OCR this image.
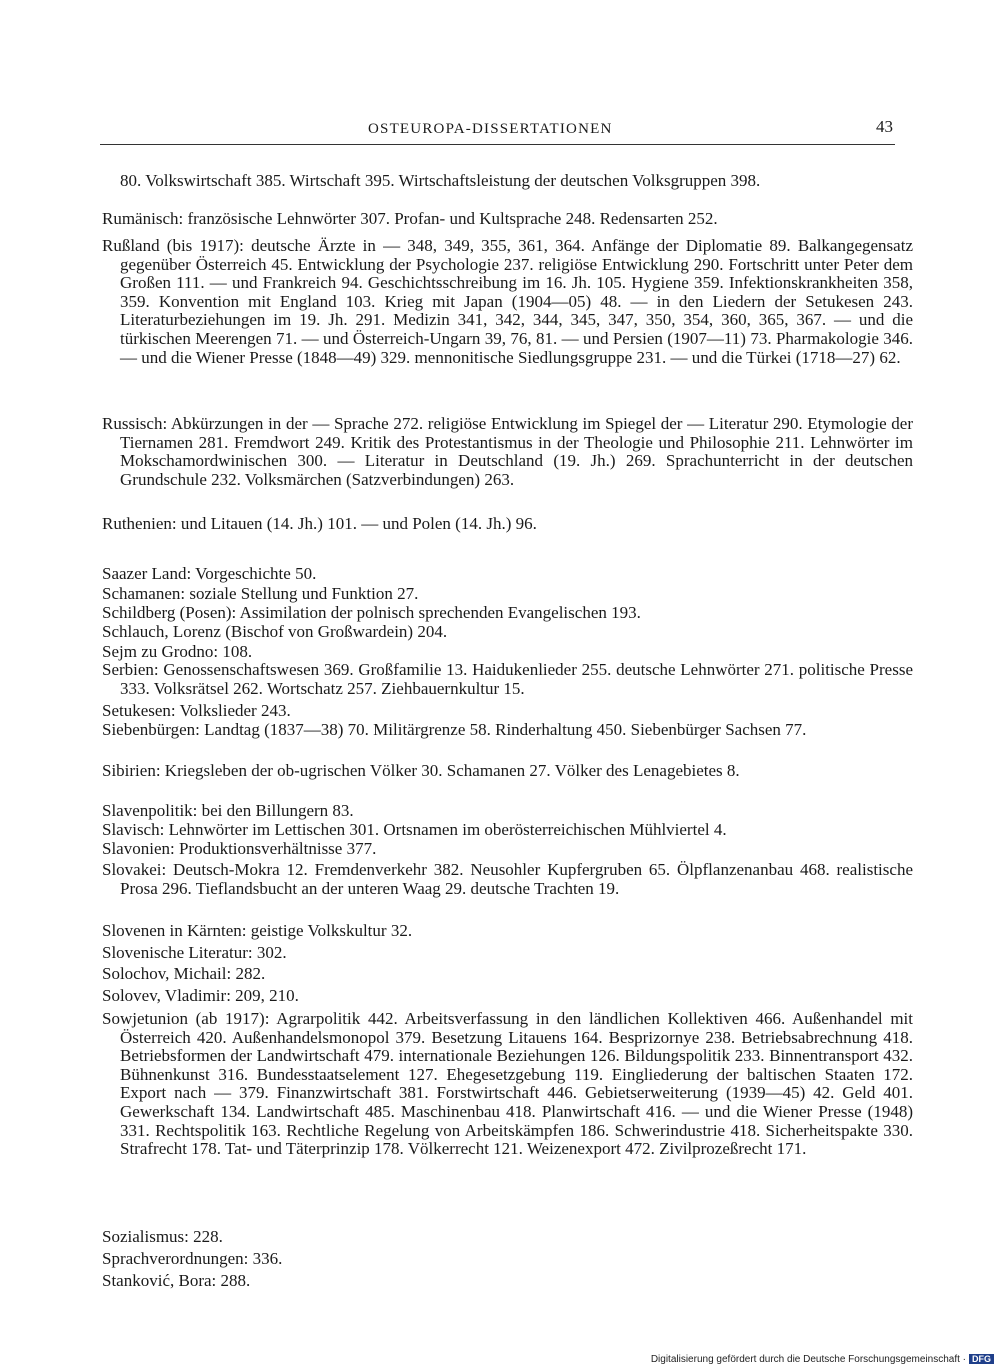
OSTEUROPA-DISSERTATIONEN	43

80. Volkswirtschaft 385. Wirtschaft 395. Wirtschaftsleistung der deutschen Volksgruppen 398.

Rumänisch: französische Lehnwörter 307. Profan- und Kultsprache 248. Redensarten 252.

Rußland (bis 1917): deutsche Ärzte in — 348, 349, 355, 361, 364. Anfänge der Diplomatie 89. Balkangegensatz gegenüber Österreich 45. Entwicklung der Psychologie 237. religiöse Entwicklung 290. Fortschritt unter Peter dem Großen 111. — und Frankreich 94. Geschichtsschreibung im 16. Jh. 105. Hygiene 359. Infektionskrankheiten 358, 359. Konvention mit England 103. Krieg mit Japan (1904—05) 48. — in den Liedern der Setukesen 243. Literaturbeziehungen im 19. Jh. 291. Medizin 341, 342, 344, 345, 347, 350, 354, 360, 365, 367. — und die türkischen Meerengen 71. — und Österreich-Ungarn 39, 76, 81. — und Persien (1907—11) 73. Pharmakologie 346. — und die Wiener Presse (1848—49) 329. mennonitische Siedlungsgruppe 231. — und die Türkei (1718—27) 62.

Russisch: Abkürzungen in der — Sprache 272. religiöse Entwicklung im Spiegel der — Literatur 290. Etymologie der Tiernamen 281. Fremdwort 249. Kritik des Protestantismus in der Theologie und Philosophie 211. Lehnwörter im Mokschamordwinischen 300. — Literatur in Deutschland (19. Jh.) 269. Sprachunterricht in der deutschen Grundschule 232. Volksmärchen (Satzverbindungen) 263.

Ruthenien: und Litauen (14. Jh.) 101. — und Polen (14. Jh.) 96.

Saazer Land: Vorgeschichte 50.

Schamanen: soziale Stellung und Funktion 27.

Schildberg (Posen): Assimilation der polnisch sprechenden Evangelischen 193.

Schlauch, Lorenz (Bischof von Großwardein) 204.

Sejm zu Grodno: 108.

Serbien: Genossenschaftswesen 369. Großfamilie 13. Haidukenlieder 255. deutsche Lehnwörter 271. politische Presse 333. Volksrätsel 262. Wortschatz 257. Ziehbauernkultur 15.

Setukesen: Volkslieder 243.

Siebenbürgen: Landtag (1837—38) 70. Militärgrenze 58. Rinderhaltung 450. Siebenbürger Sachsen 77.

Sibirien: Kriegsleben der ob-ugrischen Völker 30. Schamanen 27. Völker des Lenagebietes 8.

Slavenpolitik: bei den Billungern 83.

Slavisch: Lehnwörter im Lettischen 301. Ortsnamen im oberösterreichischen Mühlviertel 4.

Slavonien: Produktionsverhältnisse 377.

Slovakei: Deutsch-Mokra 12. Fremdenverkehr 382. Neusohler Kupfergruben 65. Ölpflanzenanbau 468. realistische Prosa 296. Tieflandsbucht an der unteren Waag 29. deutsche Trachten 19.

Slovenen in Kärnten: geistige Volkskultur 32.

Slovenische Literatur: 302.

Solochov, Michail: 282.

Solovev, Vladimir: 209, 210.

Sowjetunion (ab 1917): Agrarpolitik 442. Arbeitsverfassung in den ländlichen Kollektiven 466. Außenhandel mit Österreich 420. Außenhandelsmonopol 379. Besetzung Litauens 164. Besprizornye 238. Betriebsabrechnung 418. Betriebsformen der Landwirtschaft 479. internationale Beziehungen 126. Bildungspolitik 233. Binnentransport 432. Bühnenkunst 316. Bundesstaatselement 127. Ehegesetzgebung 119. Eingliederung der baltischen Staaten 172. Export nach — 379. Finanzwirtschaft 381. Forstwirtschaft 446. Gebietserweiterung (1939—45) 42. Geld 401. Gewerkschaft 134. Landwirtschaft 485. Maschinenbau 418. Planwirtschaft 416. — und die Wiener Presse (1948) 331. Rechtspolitik 163. Rechtliche Regelung von Arbeitskämpfen 186. Schwerindustrie 418. Sicherheitspakte 330. Strafrecht 178. Tat- und Täterprinzip 178. Völkerrecht 121. Weizenexport 472. Zivilprozeßrecht 171.

Sozialismus: 228.

Sprachverordnungen: 336.

Stanković, Bora: 288.

Digitalisierung gefördert durch die Deutsche Forschungsgemeinschaft · DFG
